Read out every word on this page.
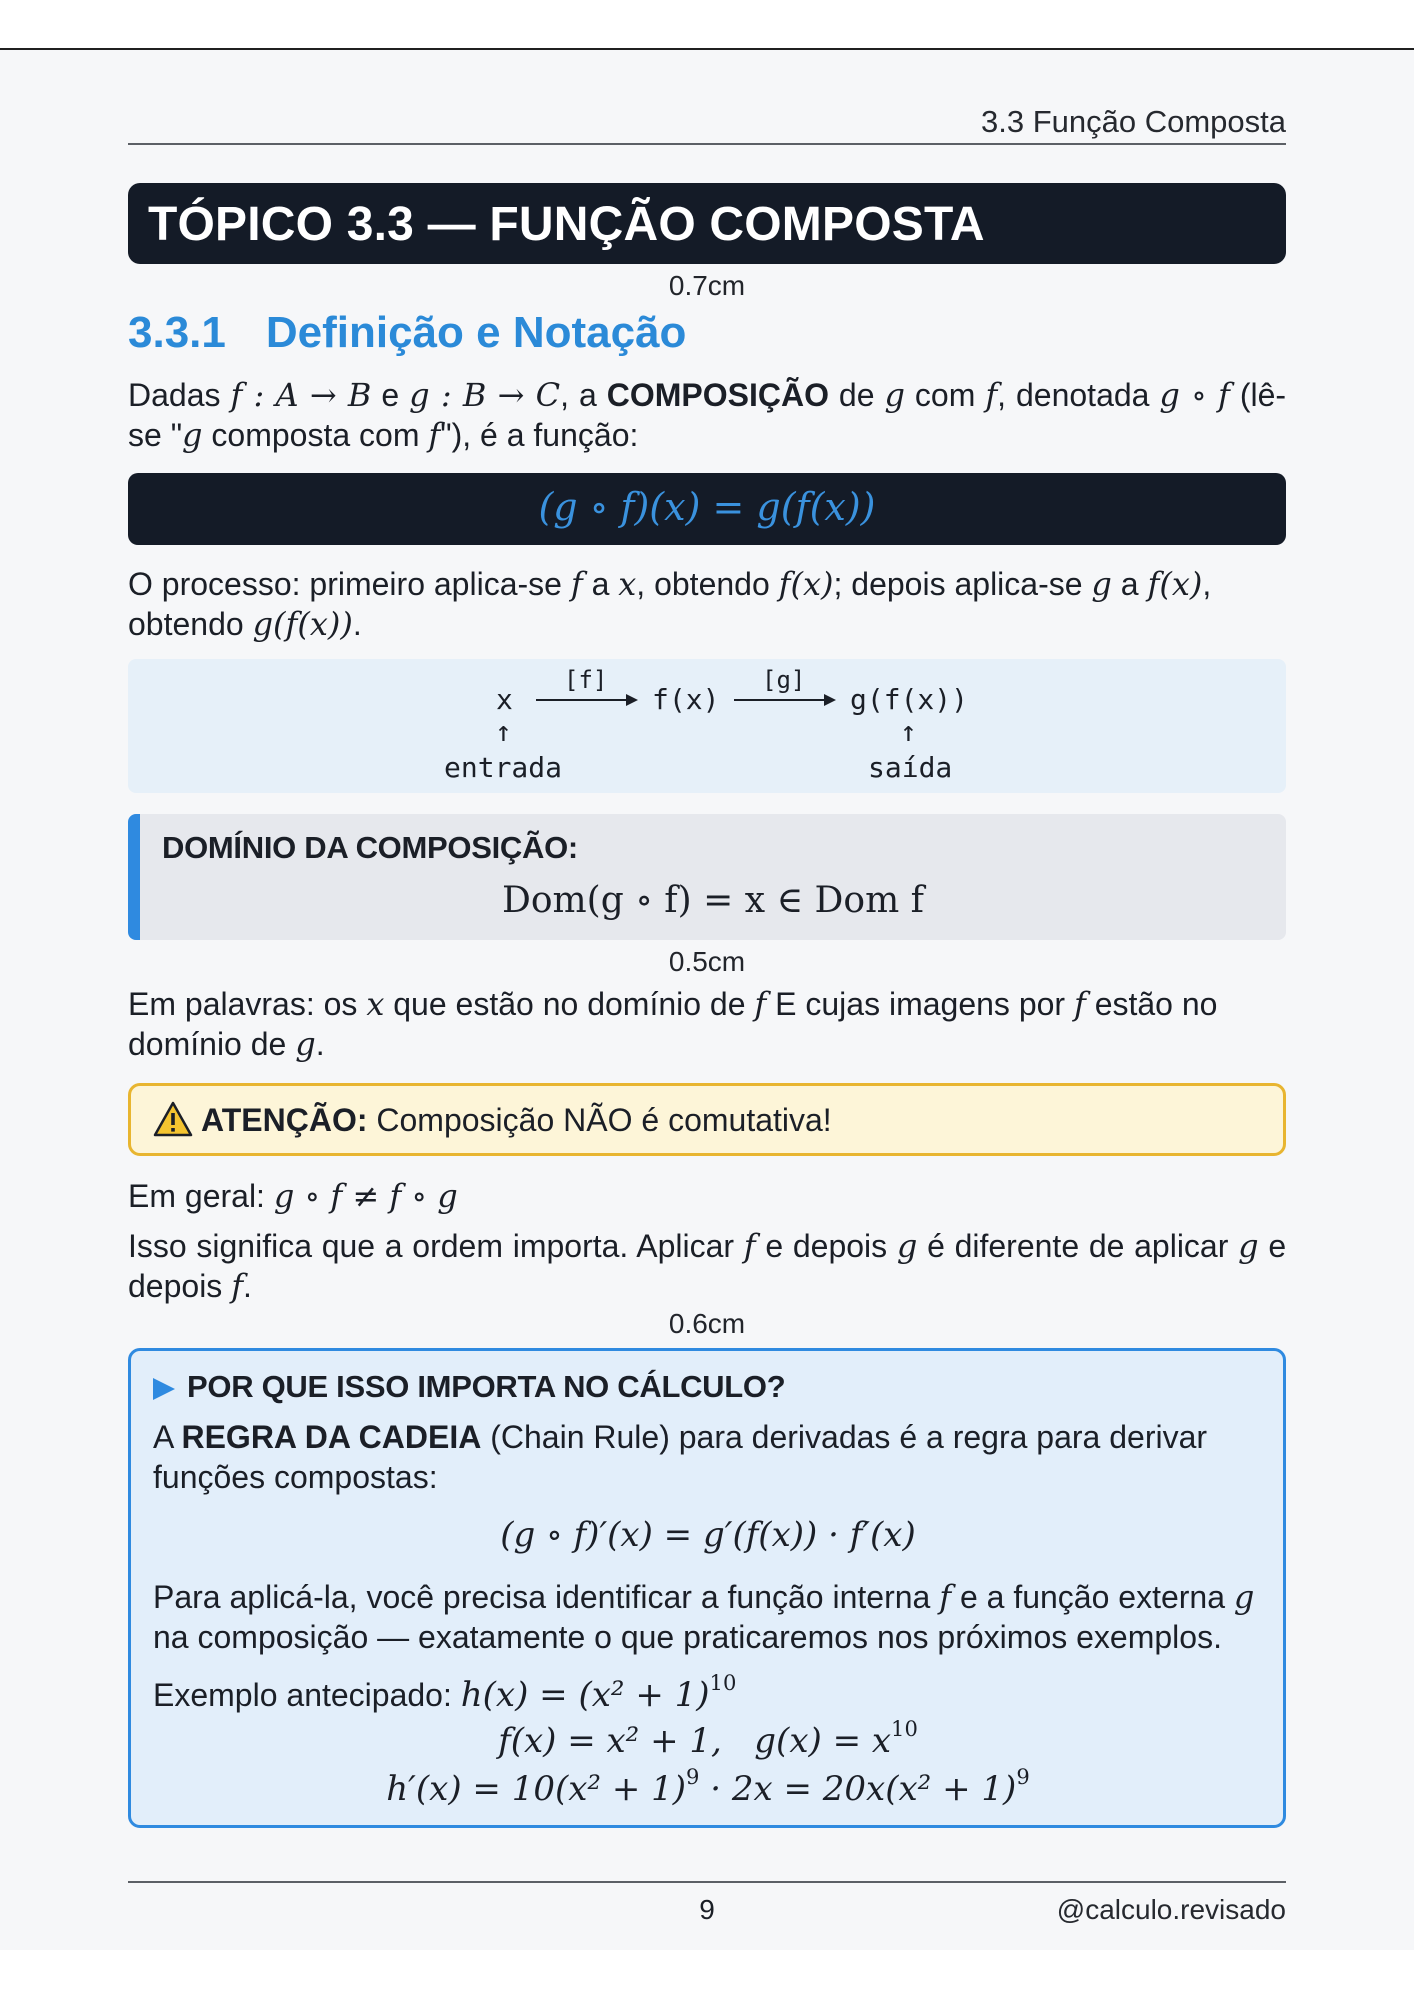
3.3 Função Composta
TÓPICO 3.3 — FUNÇÃO COMPOSTA
0.7cm
3.3.1 Definição e Notação
Dadas f : A → B e g : B → C, a COMPOSIÇÃO de g com f, denotada g ∘ f (lê-se "g composta com f"), é a função:
(g ∘ f)(x) = g(f(x))
O processo: primeiro aplica-se f a x, obtendo f(x); depois aplica-se g a f(x),
obtendo g(f(x)).
x
[f]
f(x)
[g]
g(f(x))
↑	↑
entrada	saída
DOMÍNIO DA COMPOSIÇÃO:
Dom(g ∘ f) = x ∈ Dom f
0.5cm
Em palavras: os x que estão no domínio de f E cujas imagens por f estão no
domínio de g.
ATENÇÃO: Composição NÃO é comutativa!
Em geral: g ∘ f ≠ f ∘ g
Isso significa que a ordem importa. Aplicar f e depois g é diferente de aplicar g e depois f.
0.6cm
POR QUE ISSO IMPORTA NO CÁLCULO?
A REGRA DA CADEIA (Chain Rule) para derivadas é a regra para derivar funções compostas:
(g ∘ f)′(x) = g′(f(x)) · f′(x)
Para aplicá-la, você precisa identificar a função interna f e a função externa g na composição — exatamente o que praticaremos nos próximos exemplos.
Exemplo antecipado: $h(x) = (x^2 + 1)^{10}$
f(x) = x² + 1, $g(x) = x^{10}$
$h'(x) = 10(x^2 + 1)^9 \cdot 2x = 20x(x^2 + 1)^9$
9	@calculo.revisado
